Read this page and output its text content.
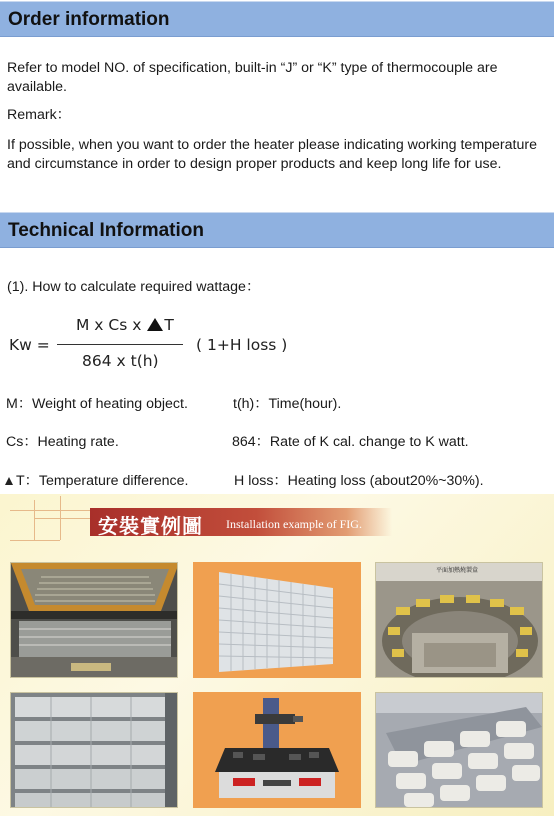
Order information

Refer to model NO. of specification, built-in “J” or “K” type of thermocouple are available.

Remark：

If possible, when you want to order the heater please indicating working temperature and circumstance in order to design proper products and keep long life for use.

Technical Information

(1). How to calculate required wattage：

Kw =
M x Cs x T
864 x t(h)
( 1+H loss )
M：Weight of heating object.	t(h)：Time(hour).
Cs：Heating rate.	864：Rate of K cal. change to K watt.
T：Temperature difference.	H loss：Heating loss (about20%~30%).
安裝實例圖 Installation example of FIG.
平面加熱燒製盒
